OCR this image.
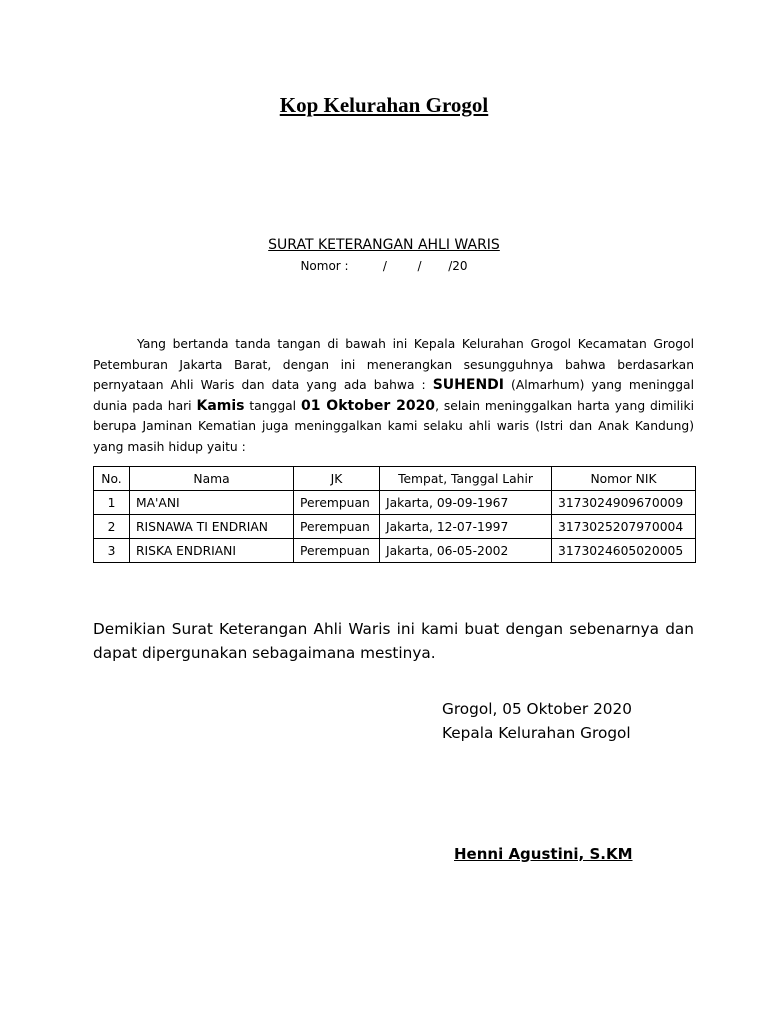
Kop Kelurahan Grogol
SURAT KETERANGAN AHLI WARIS
Nomor :         /        /       /20

Yang bertanda tanda tangan di bawah ini Kepala Kelurahan Grogol Kecamatan Grogol Petemburan Jakarta Barat, dengan ini menerangkan sesungguhnya bahwa berdasarkan pernyataan Ahli Waris dan data yang ada bahwa : SUHENDI (Almarhum) yang meninggal dunia pada hari Kamis tanggal 01 Oktober 2020, selain meninggalkan harta yang dimiliki berupa Jaminan Kematian juga meninggalkan kami selaku ahli waris (Istri dan Anak Kandung) yang masih hidup yaitu :

No.	Nama	JK	Tempat, Tanggal Lahir	Nomor NIK
1	MA'ANI	Perempuan	Jakarta, 09-09-1967	3173024909670009
2	RISNAWA TI ENDRIAN	Perempuan	Jakarta, 12-07-1997	3173025207970004
3	RISKA ENDRIANI	Perempuan	Jakarta, 06-05-2002	3173024605020005

Demikian Surat Keterangan Ahli Waris ini kami buat dengan sebenarnya dan dapat dipergunakan sebagaimana mestinya.

Grogol, 05 Oktober 2020
Kepala Kelurahan Grogol
Henni Agustini, S.KM
